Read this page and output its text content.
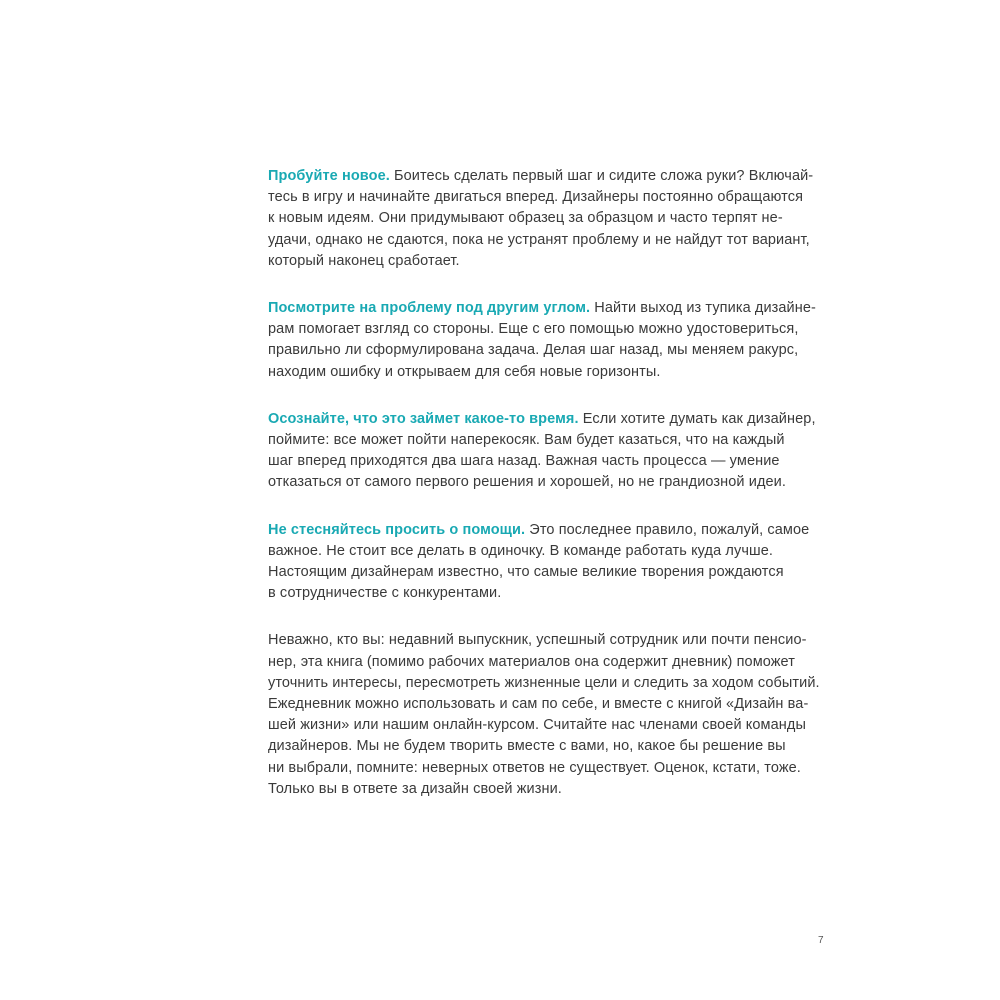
Пробуйте новое. Боитесь сделать первый шаг и сидите сложа руки? Включай-
тесь в игру и начинайте двигаться вперед. Дизайнеры постоянно обращаются
к новым идеям. Они придумывают образец за образцом и часто терпят не-
удачи, однако не сдаются, пока не устранят проблему и не найдут тот вариант,
который наконец сработает.

Посмотрите на проблему под другим углом. Найти выход из тупика дизайне-
рам помогает взгляд со стороны. Еще с его помощью можно удостовериться,
правильно ли сформулирована задача. Делая шаг назад, мы меняем ракурс,
находим ошибку и открываем для себя новые горизонты.

Осознайте, что это займет какое-то время. Если хотите думать как дизайнер,
поймите: все может пойти наперекосяк. Вам будет казаться, что на каждый
шаг вперед приходятся два шага назад. Важная часть процесса — умение
отказаться от самого первого решения и хорошей, но не грандиозной идеи.

Не стесняйтесь просить о помощи. Это последнее правило, пожалуй, самое
важное. Не стоит все делать в одиночку. В команде работать куда лучше.
Настоящим дизайнерам известно, что самые великие творения рождаются
в сотрудничестве с конкурентами.

Неважно, кто вы: недавний выпускник, успешный сотрудник или почти пенсио-
нер, эта книга (помимо рабочих материалов она содержит дневник) поможет
уточнить интересы, пересмотреть жизненные цели и следить за ходом событий.
Ежедневник можно использовать и сам по себе, и вместе с книгой «Дизайн ва-
шей жизни» или нашим онлайн-курсом. Считайте нас членами своей команды
дизайнеров. Мы не будем творить вместе с вами, но, какое бы решение вы
ни выбрали, помните: неверных ответов не существует. Оценок, кстати, тоже.
Только вы в ответе за дизайн своей жизни.

7
